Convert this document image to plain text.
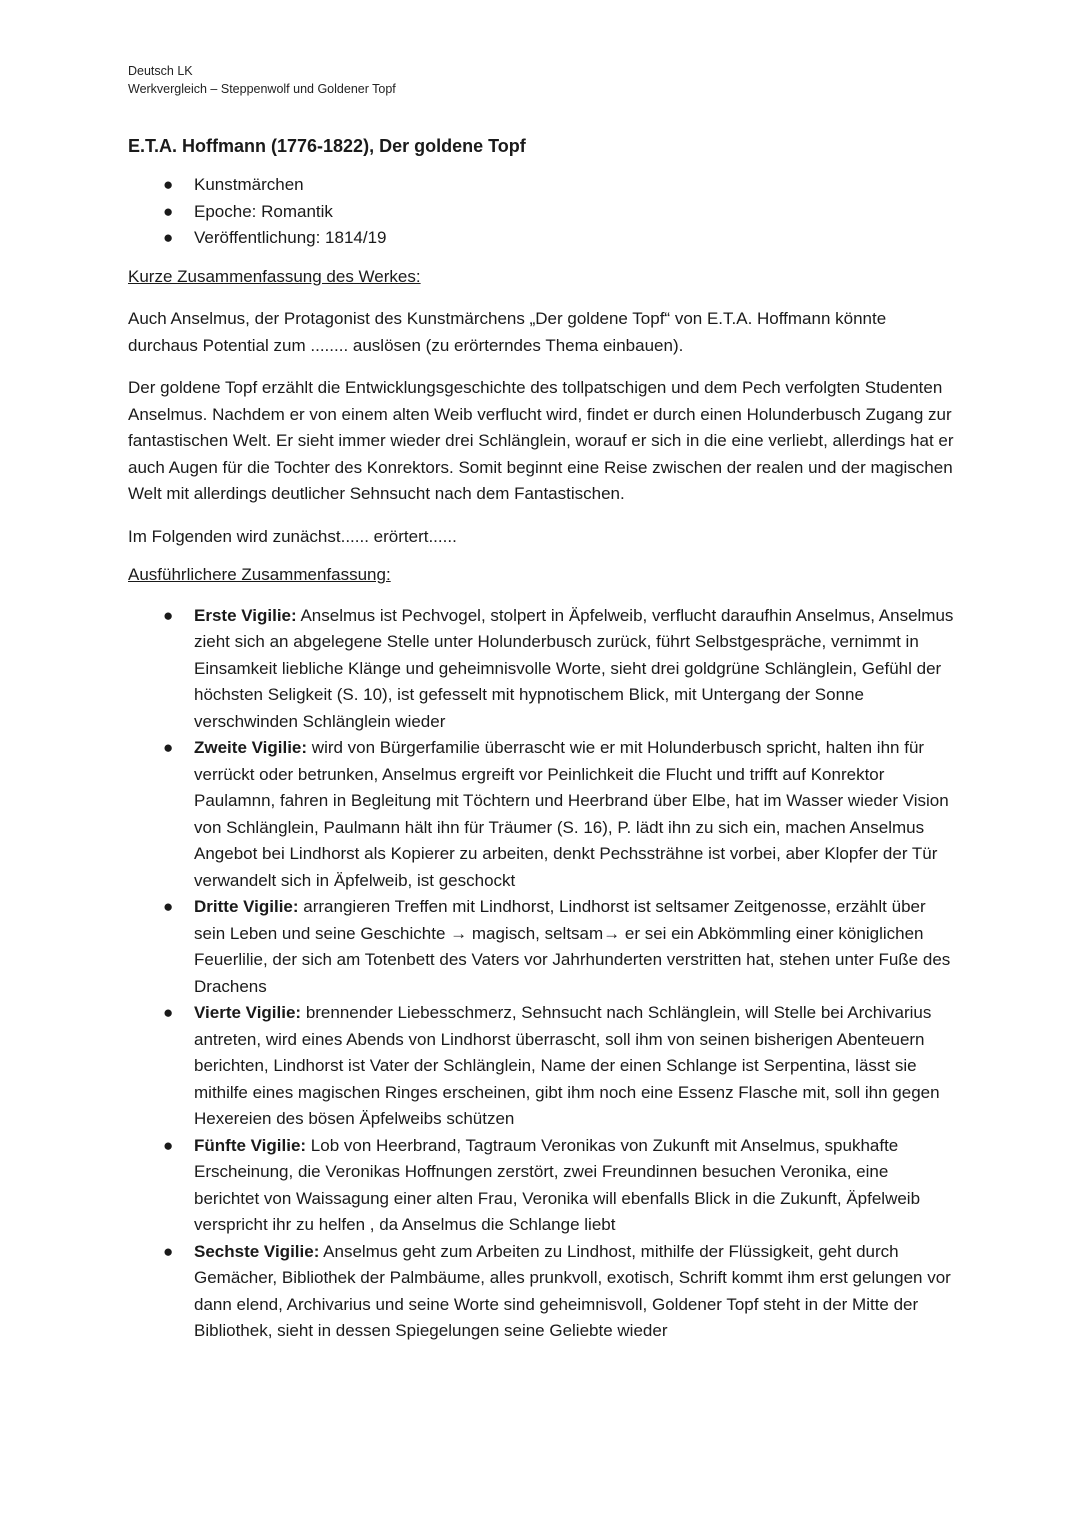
Deutsch LK
Werkvergleich – Steppenwolf und Goldener Topf
E.T.A. Hoffmann (1776-1822), Der goldene Topf
● Kunstmärchen
● Epoche: Romantik
● Veröffentlichung: 1814/19
Kurze Zusammenfassung des Werkes:

Auch Anselmus, der Protagonist des Kunstmärchens „Der goldene Topf“ von E.T.A. Hoffmann könnte durchaus Potential zum ........ auslösen (zu erörterndes Thema einbauen).

Der goldene Topf erzählt die Entwicklungsgeschichte des tollpatschigen und dem Pech verfolgten Studenten Anselmus. Nachdem er von einem alten Weib verflucht wird, findet er durch einen Holunderbusch Zugang zur fantastischen Welt. Er sieht immer wieder drei Schlänglein, worauf er sich in die eine verliebt, allerdings hat er auch Augen für die Tochter des Konrektors. Somit beginnt eine Reise zwischen der realen und der magischen Welt mit allerdings deutlicher Sehnsucht nach dem Fantastischen.

Im Folgenden wird zunächst...... erörtert......

Ausführlichere Zusammenfassung:
● Erste Vigilie: Anselmus ist Pechvogel, stolpert in Äpfelweib, verflucht daraufhin Anselmus, Anselmus zieht sich an abgelegene Stelle unter Holunderbusch zurück, führt Selbstgespräche, vernimmt in Einsamkeit liebliche Klänge und geheimnisvolle Worte, sieht drei goldgrüne Schlänglein, Gefühl der höchsten Seligkeit (S. 10), ist gefesselt mit hypnotischem Blick, mit Untergang der Sonne verschwinden Schlänglein wieder
● Zweite Vigilie: wird von Bürgerfamilie überrascht wie er mit Holunderbusch spricht, halten ihn für verrückt oder betrunken, Anselmus ergreift vor Peinlichkeit die Flucht und trifft auf Konrektor Paulamnn, fahren in Begleitung mit Töchtern und Heerbrand über Elbe, hat im Wasser wieder Vision von Schlänglein, Paulmann hält ihn für Träumer (S. 16), P. lädt ihn zu sich ein, machen Anselmus Angebot bei Lindhorst als Kopierer zu arbeiten, denkt Pechssträhne ist vorbei, aber Klopfer der Tür verwandelt sich in Äpfelweib, ist geschockt
● Dritte Vigilie: arrangieren Treffen mit Lindhorst, Lindhorst ist seltsamer Zeitgenosse, erzählt über sein Leben und seine Geschichte → magisch, seltsam→ er sei ein Abkömmling einer königlichen Feuerlilie, der sich am Totenbett des Vaters vor Jahrhunderten verstritten hat, stehen unter Fuße des Drachens
● Vierte Vigilie: brennender Liebesschmerz, Sehnsucht nach Schlänglein, will Stelle bei Archivarius antreten, wird eines Abends von Lindhorst überrascht, soll ihm von seinen bisherigen Abenteuern berichten, Lindhorst ist Vater der Schlänglein, Name der einen Schlange ist Serpentina, lässt sie mithilfe eines magischen Ringes erscheinen, gibt ihm noch eine Essenz Flasche mit, soll ihn gegen Hexereien des bösen Äpfelweibs schützen
● Fünfte Vigilie: Lob von Heerbrand, Tagtraum Veronikas von Zukunft mit Anselmus, spukhafte Erscheinung, die Veronikas Hoffnungen zerstört, zwei Freundinnen besuchen Veronika, eine berichtet von Waissagung einer alten Frau, Veronika will ebenfalls Blick in die Zukunft, Äpfelweib verspricht ihr zu helfen , da Anselmus die Schlange liebt
● Sechste Vigilie: Anselmus geht zum Arbeiten zu Lindhost, mithilfe der Flüssigkeit, geht durch Gemächer, Bibliothek der Palmbäume, alles prunkvoll, exotisch, Schrift kommt ihm erst gelungen vor dann elend, Archivarius und seine Worte sind geheimnisvoll, Goldener Topf steht in der Mitte der Bibliothek, sieht in dessen Spiegelungen seine Geliebte wieder
